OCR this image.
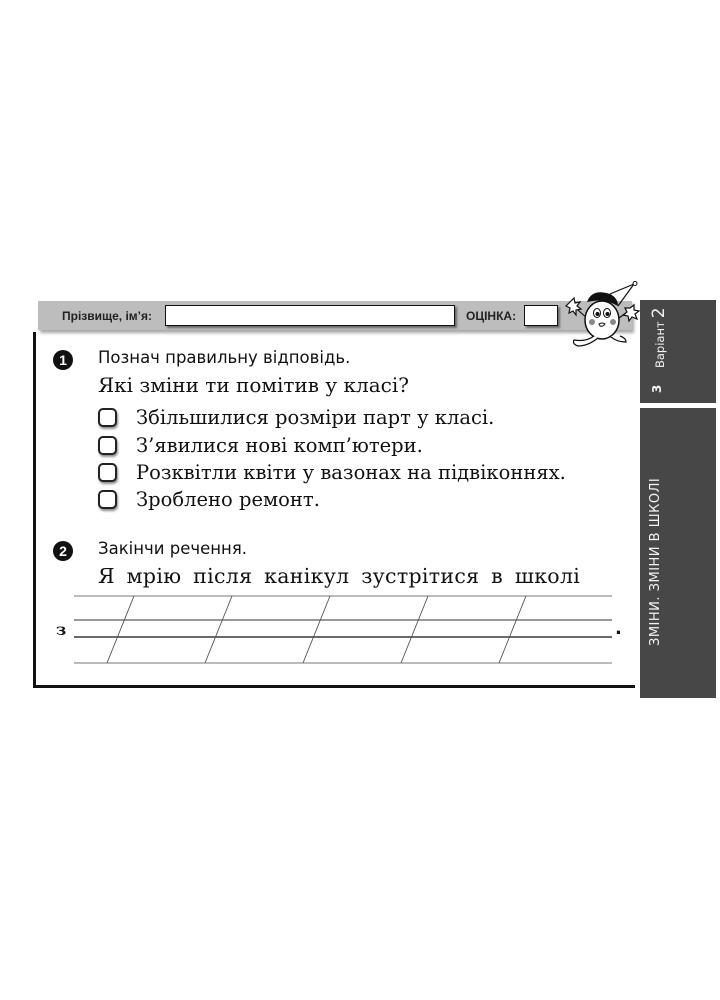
Прізвище, ім’я:	ОЦІНКА:
Варіант2
3
ЗМІНИ. ЗМІНИ В ШКОЛІ
1	Познач правильну відповідь.
Які зміни ти помітив у класі?
Збільшилися розміри парт у класі.
З’явилися нові комп’ютери.
Розквітли квіти у вазонах на підвіконнях.
Зроблено ремонт.
2	Закінчи речення.
Я мрію після канікул зустрітися в школі
з	.
